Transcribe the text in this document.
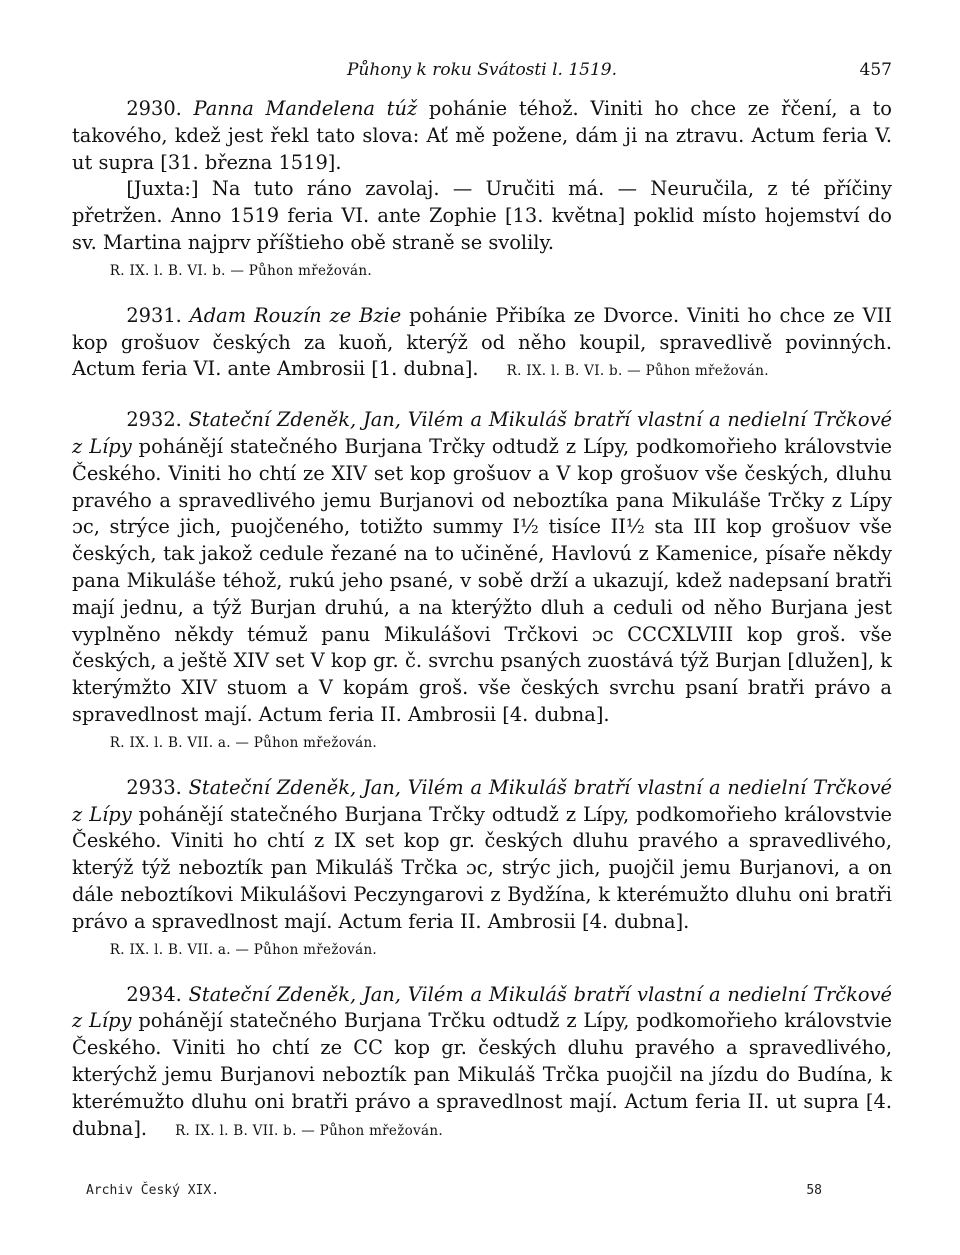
Půhony k roku Svátosti l. 1519.	457

2930. Panna Mandelena túž pohánie téhož. Viniti ho chce ze řčení, a to takového, kdež jest řekl tato slova: Ať mě požene, dám ji na ztravu. Actum feria V. ut supra [31. března 1519].

[Juxta:] Na tuto ráno zavolaj. — Uručiti má. — Neuručila, z té příčiny přetržen. Anno 1519 feria VI. ante Zophie [13. května] poklid místo hojemství do sv. Martina najprv příštieho obě straně se svolily.

R. IX. l. B. VI. b. — Půhon mřežován.

2931. Adam Rouzín ze Bzie pohánie Přibíka ze Dvorce. Viniti ho chce ze VII kop grošuov českých za kuoň, kterýž od něho koupil, spravedlivě povinných. Actum feria VI. ante Ambrosii [1. dubna]. R. IX. l. B. VI. b. — Půhon mřežován.

2932. Stateční Zdeněk, Jan, Vilém a Mikuláš bratří vlastní a nedielní Trčkové z Lípy pohánějí statečného Burjana Trčky odtudž z Lípy, podkomořieho královstvie Českého. Viniti ho chtí ze XIV set kop grošuov a V kop grošuov vše českých, dluhu pravého a spravedlivého jemu Burjanovi od neboztíka pana Mikuláše Trčky z Lípy ɔc, strýce jich, puojčeného, totižto summy I½ tisíce II½ sta III kop grošuov vše českých, tak jakož cedule řezané na to učiněné, Havlovú z Kamenice, písaře někdy pana Mikuláše téhož, rukú jeho psané, v sobě drží a ukazují, kdež nadepsaní bratři mají jednu, a týž Burjan druhú, a na kterýžto dluh a ceduli od něho Burjana jest vyplněno někdy témuž panu Mikulášovi Trčkovi ɔc CCCXLVIII kop groš. vše českých, a ještě XIV set V kop gr. č. svrchu psaných zuostává týž Burjan [dlužen], k kterýmžto XIV stuom a V kopám groš. vše českých svrchu psaní bratři právo a spravedlnost mají. Actum feria II. Ambrosii [4. dubna].

R. IX. l. B. VII. a. — Půhon mřežován.

2933. Stateční Zdeněk, Jan, Vilém a Mikuláš bratří vlastní a nedielní Trčkové z Lípy pohánějí statečného Burjana Trčky odtudž z Lípy, podkomořieho královstvie Českého. Viniti ho chtí z IX set kop gr. českých dluhu pravého a spravedlivého, kterýž týž neboztík pan Mikuláš Trčka ɔc, strýc jich, puojčil jemu Burjanovi, a on dále neboztíkovi Mikulášovi Peczyngarovi z Bydžína, k kterémužto dluhu oni bratři právo a spravedlnost mají. Actum feria II. Ambrosii [4. dubna].

R. IX. l. B. VII. a. — Půhon mřežován.

2934. Stateční Zdeněk, Jan, Vilém a Mikuláš bratří vlastní a nedielní Trčkové z Lípy pohánějí statečného Burjana Trčku odtudž z Lípy, podkomořieho královstvie Českého. Viniti ho chtí ze CC kop gr. českých dluhu pravého a spravedlivého, kterýchž jemu Burjanovi neboztík pan Mikuláš Trčka puojčil na jízdu do Budína, k kterémužto dluhu oni bratři právo a spravedlnost mají. Actum feria II. ut supra [4. dubna]. R. IX. l. B. VII. b. — Půhon mřežován.

Archiv Český XIX.	58
